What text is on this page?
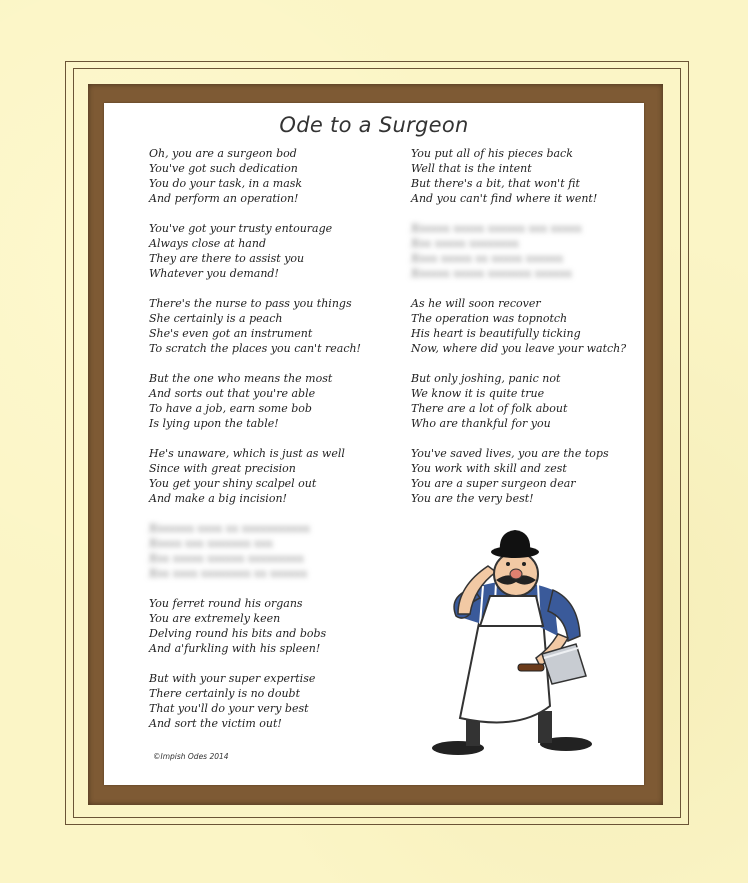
Ode to a Surgeon
Oh, you are a surgeon bod
You've got such dedication
You do your task, in a mask
And perform an operation!
You've got your trusty entourage
Always close at hand
They are there to assist you
Whatever you demand!
There's the nurse to pass you things
She certainly is a peach
She's even got an instrument
To scratch the places you can't reach!
But the one who means the most
And sorts out that you're able
To have a job, earn some bob
Is lying upon the table!
He's unaware, which is just as well
Since with great precision
You get your shiny scalpel out
And make a big incision!
Xxxxxxx xxxx xx xxxxxxxxxxx
Xxxxx xxx xxxxxxx xxx
Xxx xxxxx xxxxxx xxxxxxxxx
Xxx xxxx xxxxxxxx xx xxxxxx
You ferret round his organs
You are extremely keen
Delving round his bits and bobs
And a'furkling with his spleen!
But with your super expertise
There certainly is no doubt
That you'll do your very best
And sort the victim out!
You put all of his pieces back
Well that is the intent
But there's a bit, that won't fit
And you can't find where it went!
Xxxxxx xxxxx xxxxxx xxx xxxxx
Xxx xxxxx xxxxxxxx
Xxxx xxxxx xx xxxxx xxxxxx
Xxxxxx xxxxx xxxxxxx xxxxxx
As he will soon recover
The operation was topnotch
His heart is beautifully ticking
Now, where did you leave your watch?
But only joshing, panic not
We know it is quite true
There are a lot of folk about
Who are thankful for you
You've saved lives, you are the tops
You work with skill and zest
You are a super surgeon dear
You are the very best!
©Impish Odes 2014
